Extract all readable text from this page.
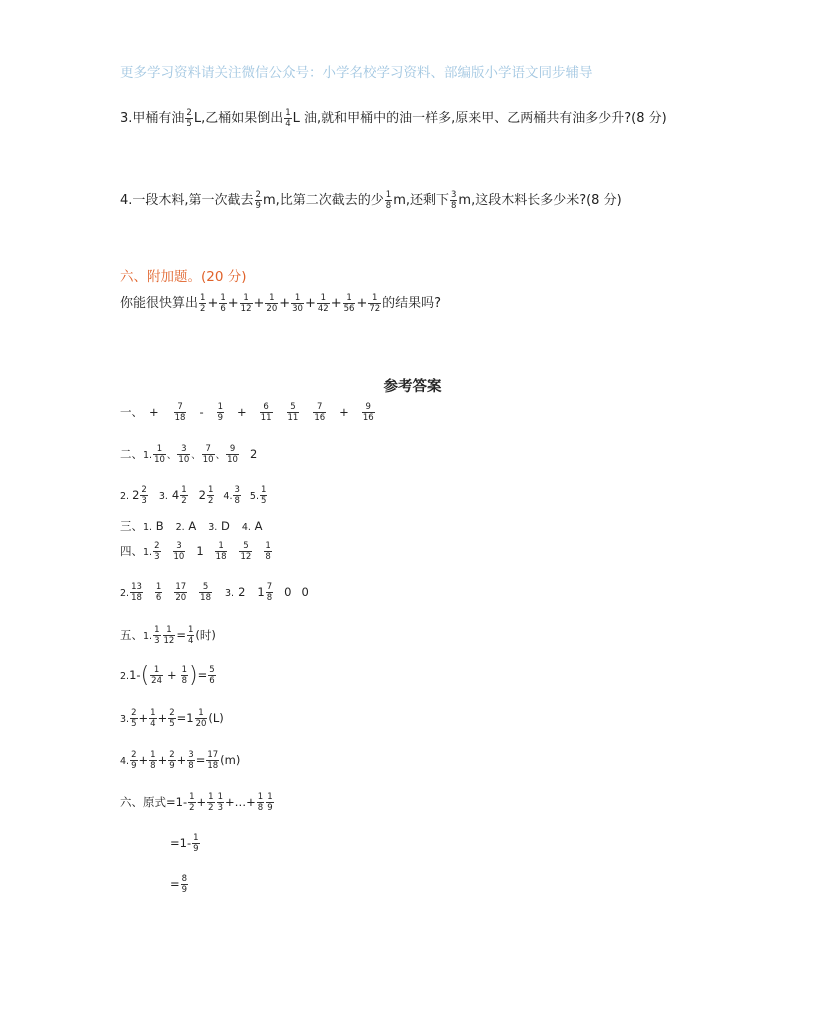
更多学习资料请关注微信公众号：小学名校学习资料、部编版小学语文同步辅导
3.甲桶有油 $\frac{2}{5} L$,乙桶如果倒出 $\frac{1}{4}$ L 油,就和甲桶中的油一样多,原来甲、乙两桶共有油多少升?(8 分)
4.一段木料,第一次截去 $\frac{2}{9} m$,比第二次截去的少 $\frac{1}{8} m$,还剩下 $\frac{3}{8} m$,这段木料长多少米?(8 分)
六、附加题。(20 分)
你能很快算出 $\frac{1}{2} + \frac{1}{6} + \frac{1}{12} + \frac{1}{20} + \frac{1}{30} + \frac{1}{42} + \frac{1}{56} + \frac{1}{72}$ 的结果吗?
参考答案
一、 + $\frac{7}{18} - \frac{1}{9} + \frac{6}{11} \frac{5}{11} \frac{7}{16} + \frac{9}{16}$
二、1. $\frac{1}{10}$ 、 $\frac{3}{10}$ 、 $\frac{7}{10}$ 、 $\frac{9}{10} 2$
2. $2 \frac{2}{3} 3$. $4 \frac{1}{2} 2 \frac{1}{2} 4$. $\frac{3}{8} 5$. $\frac{1}{5}$
三、1. B 2. A 3. D 4. A
四、1. $\frac{2}{3} \frac{3}{10} 1 \frac{1}{18} \frac{5}{12} \frac{1}{8}$
2. $\frac{13}{18} \frac{1}{6} \frac{17}{20} \frac{5}{18} 3$. 2 $1 \frac{7}{8} 0$ 0
五、1. $\frac{1}{3} \frac{1}{12} = \frac{1}{4}$ (时)
$2.1-( \frac{1}{24} + \frac{1}{8}$ )= $\frac{5}{6}$
3. $\frac{2}{5} + \frac{1}{4} + \frac{2}{5} =1 \frac{1}{20} (L)$
4. $\frac{2}{9} + \frac{1}{8} + \frac{2}{9} + \frac{3}{8} = \frac{17}{18} (m)$
六、原式$=1- \frac{1}{2} + \frac{1}{2} \frac{1}{3}$ +…+ $\frac{1}{8} \frac{1}{9}$
$=1- \frac{1}{9}$
= $\frac{8}{9}$
